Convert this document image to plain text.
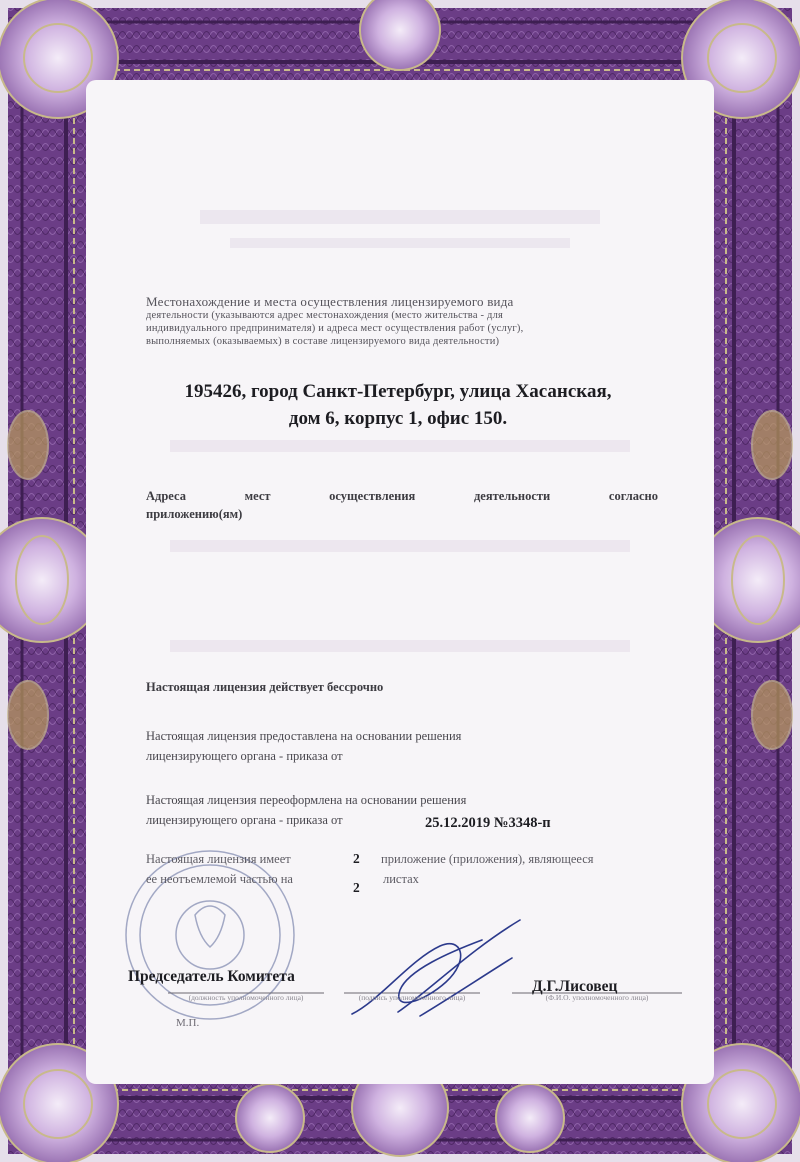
Местонахождение и места осуществления лицензируемого вида
деятельности (указываются адрес местонахождения (место жительства - для
индивидуального предпринимателя) и адреса мест осуществления работ (услуг),
выполняемых (оказываемых) в составе лицензируемого вида деятельности)
195426, город Санкт-Петербург, улица Хасанская,
дом 6, корпус 1, офис 150.
Адреса мест осуществления деятельности согласно
приложению(ям)
Настоящая лицензия действует бессрочно
Настоящая лицензия предоставлена на основании решения
лицензирующего органа - приказа от
Настоящая лицензия переоформлена на основании решения
лицензирующего органа - приказа от	25.12.2019 №3348-п
Настоящая лицензия имеет	2 приложение (приложения), являющееся
ее неотъемлемой частью на
2
листах
Председатель Комитета
Д.Г.Лисовец
(должность уполномоченного лица)	(подпись уполномоченного лица)	(Ф.И.О. уполномоченного лица)
М.П.
